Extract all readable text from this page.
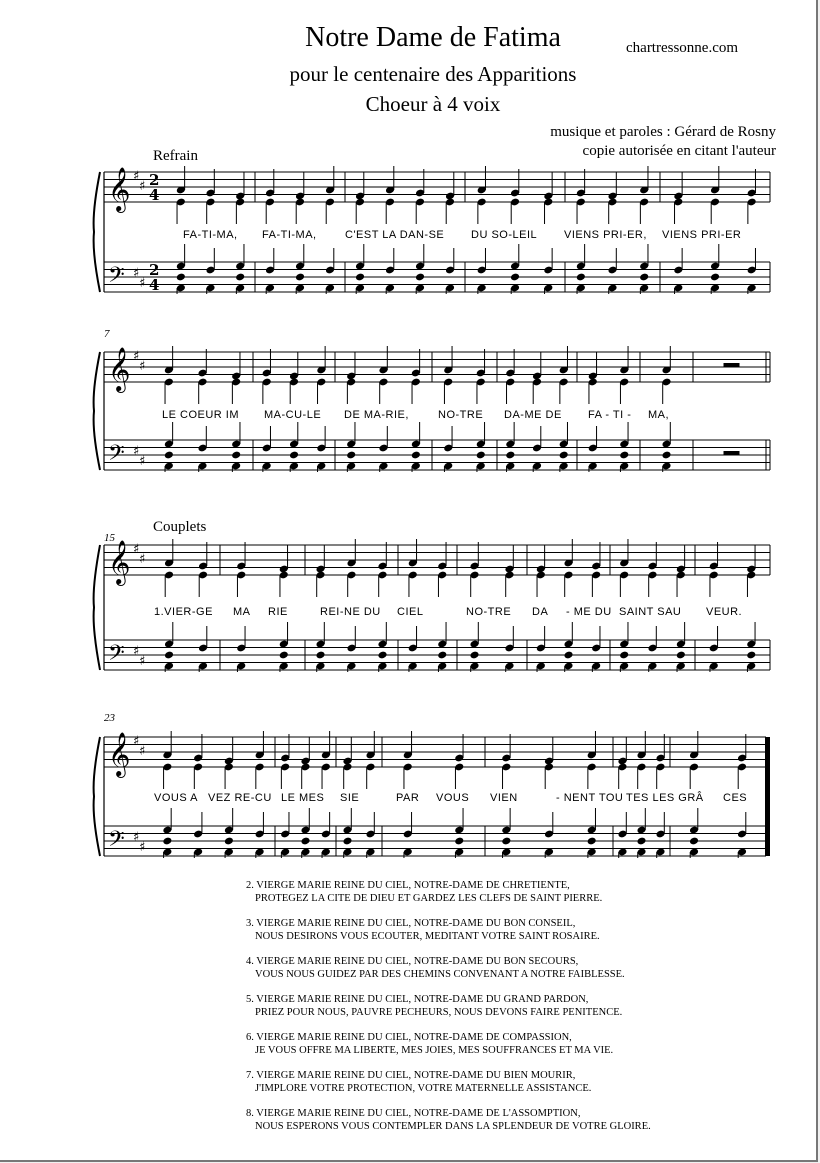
Notre Dame de Fatima
pour le centenaire des Apparitions
Choeur à 4 voix
chartressonne.com
musique et paroles : Gérard de Rosny
copie autorisée en citant l'auteur
Refrain
Couplets
7
15
23
𝄞
𝄢
♯
♯
♯
♯
2
4
2
4
𝄞
𝄢
♯
♯
♯
♯
𝄞
𝄢
♯
♯
♯
♯
𝄞
𝄢
♯
♯
♯
♯
FA-TI-MA, FA-TI-MA,	C'EST LA DAN-SE DU SO-LEIL VIENS PRI-ER, VIENS PRI-ER
LE COEUR IM MA-CU-LE DE MA-RIE,	NO-TRE DA-ME DE FA - TI - MA,
1.VIER-GE MA RIE	REI-NE DU CIEL	NO-TRE DA - ME DU SAINT SAU VEUR.
VOUS A VEZ RE-CU LE MES SIE	PAR VOUS VIEN	- NENT TOU TES LES GRÂ CES
2. VIERGE MARIE REINE DU CIEL, NOTRE-DAME DE CHRETIENTE,
PROTEGEZ LA CITE DE DIEU ET GARDEZ LES CLEFS DE SAINT PIERRE.
3. VIERGE MARIE REINE DU CIEL, NOTRE-DAME DU BON CONSEIL,
NOUS DESIRONS VOUS ECOUTER, MEDITANT VOTRE SAINT ROSAIRE.
4. VIERGE MARIE REINE DU CIEL, NOTRE-DAME DU BON SECOURS,
VOUS NOUS GUIDEZ PAR DES CHEMINS CONVENANT A NOTRE FAIBLESSE.
5. VIERGE MARIE REINE DU CIEL, NOTRE-DAME DU GRAND PARDON,
PRIEZ POUR NOUS, PAUVRE PECHEURS, NOUS DEVONS FAIRE PENITENCE.
6. VIERGE MARIE REINE DU CIEL, NOTRE-DAME DE COMPASSION,
JE VOUS OFFRE MA LIBERTE, MES JOIES, MES SOUFFRANCES ET MA VIE.
7. VIERGE MARIE REINE DU CIEL, NOTRE-DAME DU BIEN MOURIR,
J'IMPLORE VOTRE PROTECTION, VOTRE MATERNELLE ASSISTANCE.
8. VIERGE MARIE REINE DU CIEL, NOTRE-DAME DE L'ASSOMPTION,
NOUS ESPERONS VOUS CONTEMPLER DANS LA SPLENDEUR DE VOTRE GLOIRE.
